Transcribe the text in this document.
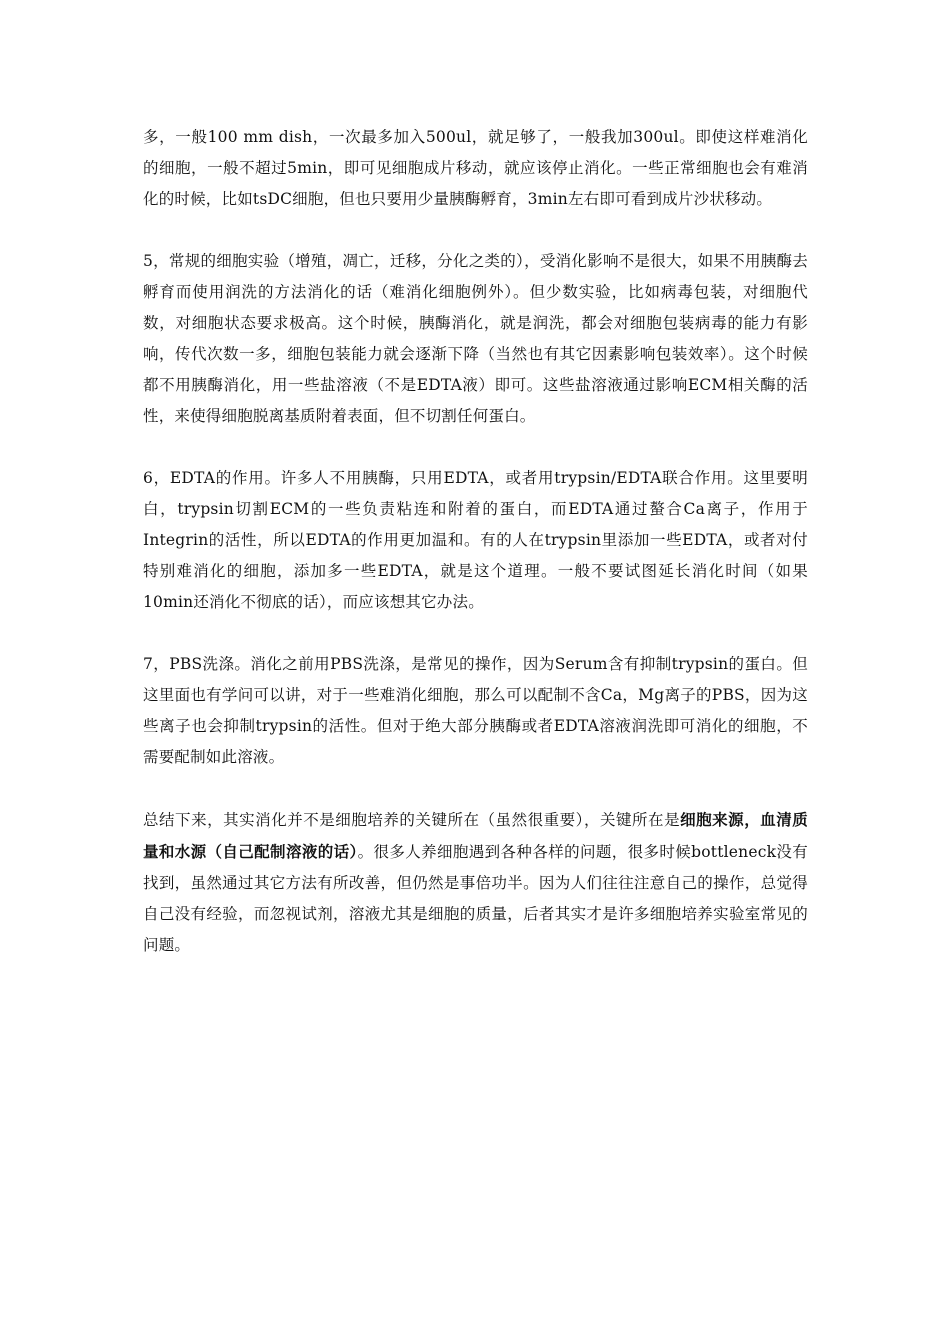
多，一般100 mm dish，一次最多加入500ul，就足够了，一般我加300ul。即使这样难消化的细胞，一般不超过5min，即可见细胞成片移动，就应该停止消化。一些正常细胞也会有难消化的时候，比如tsDC细胞，但也只要用少量胰酶孵育，3min左右即可看到成片沙状移动。

5，常规的细胞实验（增殖，凋亡，迁移，分化之类的），受消化影响不是很大，如果不用胰酶去孵育而使用润洗的方法消化的话（难消化细胞例外）。但少数实验，比如病毒包装，对细胞代数，对细胞状态要求极高。这个时候，胰酶消化，就是润洗，都会对细胞包装病毒的能力有影响，传代次数一多，细胞包装能力就会逐渐下降（当然也有其它因素影响包装效率）。这个时候都不用胰酶消化，用一些盐溶液（不是EDTA液）即可。这些盐溶液通过影响ECM相关酶的活性，来使得细胞脱离基质附着表面，但不切割任何蛋白。

6，EDTA的作用。许多人不用胰酶，只用EDTA，或者用trypsin/EDTA联合作用。这里要明白，trypsin切割ECM的一些负责粘连和附着的蛋白，而EDTA通过螯合Ca离子，作用于Integrin的活性，所以EDTA的作用更加温和。有的人在trypsin里添加一些EDTA，或者对付特别难消化的细胞，添加多一些EDTA，就是这个道理。一般不要试图延长消化时间（如果10min还消化不彻底的话），而应该想其它办法。

7，PBS洗涤。消化之前用PBS洗涤，是常见的操作，因为Serum含有抑制trypsin的蛋白。但这里面也有学问可以讲，对于一些难消化细胞，那么可以配制不含Ca，Mg离子的PBS，因为这些离子也会抑制trypsin的活性。但对于绝大部分胰酶或者EDTA溶液润洗即可消化的细胞，不需要配制如此溶液。

总结下来，其实消化并不是细胞培养的关键所在（虽然很重要），关键所在是细胞来源，血清质量和水源（自己配制溶液的话）。很多人养细胞遇到各种各样的问题，很多时候bottleneck没有找到，虽然通过其它方法有所改善，但仍然是事倍功半。因为人们往往注意自己的操作，总觉得自己没有经验，而忽视试剂，溶液尤其是细胞的质量，后者其实才是许多细胞培养实验室常见的问题。
